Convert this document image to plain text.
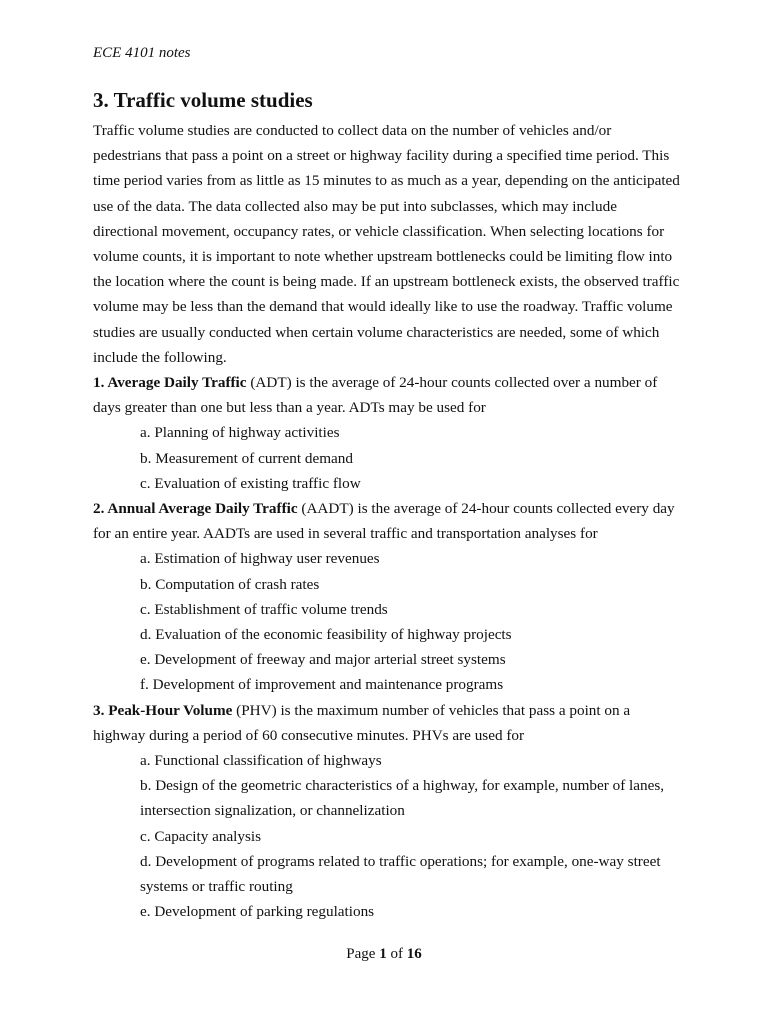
ECE 4101 notes
3. Traffic volume studies

Traffic volume studies are conducted to collect data on the number of vehicles and/or pedestrians that pass a point on a street or highway facility during a specified time period. This time period varies from as little as 15 minutes to as much as a year, depending on the anticipated use of the data. The data collected also may be put into subclasses, which may include directional movement, occupancy rates, or vehicle classification. When selecting locations for volume counts, it is important to note whether upstream bottlenecks could be limiting flow into the location where the count is being made. If an upstream bottleneck exists, the observed traffic volume may be less than the demand that would ideally like to use the roadway. Traffic volume studies are usually conducted when certain volume characteristics are needed, some of which include the following.

1. Average Daily Traffic (ADT) is the average of 24-hour counts collected over a number of days greater than one but less than a year. ADTs may be used for

a. Planning of highway activities
b. Measurement of current demand
c. Evaluation of existing traffic flow

2. Annual Average Daily Traffic (AADT) is the average of 24-hour counts collected every day for an entire year. AADTs are used in several traffic and transportation analyses for

a. Estimation of highway user revenues
b. Computation of crash rates
c. Establishment of traffic volume trends
d. Evaluation of the economic feasibility of highway projects
e. Development of freeway and major arterial street systems
f. Development of improvement and maintenance programs

3. Peak-Hour Volume (PHV) is the maximum number of vehicles that pass a point on a highway during a period of 60 consecutive minutes. PHVs are used for

a. Functional classification of highways
b. Design of the geometric characteristics of a highway, for example, number of lanes, intersection signalization, or channelization
c. Capacity analysis
d. Development of programs related to traffic operations; for example, one-way street systems or traffic routing
e. Development of parking regulations
Page 1 of 16
